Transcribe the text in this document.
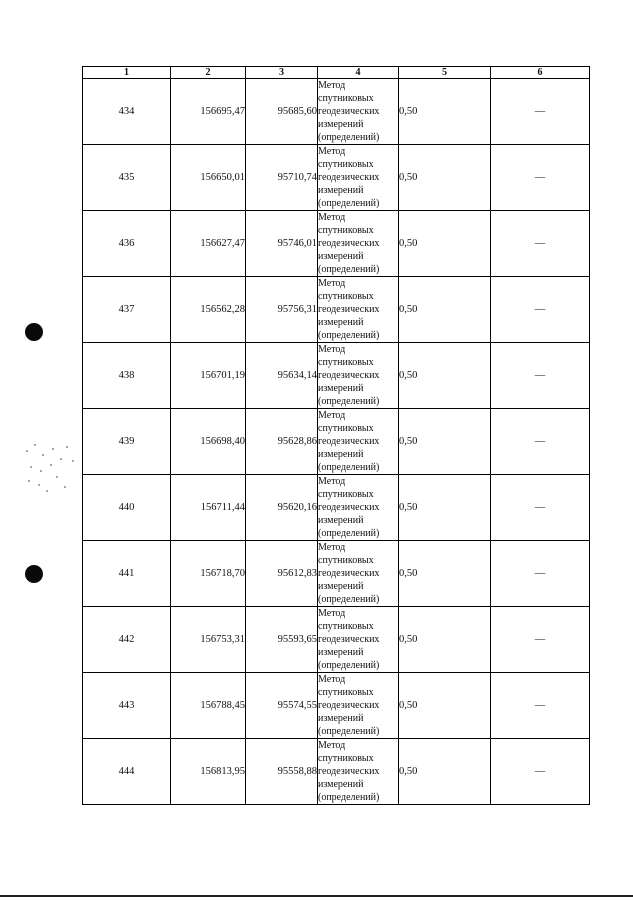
1	2	3	4	5	6
434	156695,47	95685,60	Метод
спутниковых
геодезических
измерений
(определений)	0,50	—
435	156650,01	95710,74	Метод
спутниковых
геодезических
измерений
(определений)	0,50	—
436	156627,47	95746,01	Метод
спутниковых
геодезических
измерений
(определений)	0,50	—
437	156562,28	95756,31	Метод
спутниковых
геодезических
измерений
(определений)	0,50	—
438	156701,19	95634,14	Метод
спутниковых
геодезических
измерений
(определений)	0,50	—
439	156698,40	95628,86	Метод
спутниковых
геодезических
измерений
(определений)	0,50	—
440	156711,44	95620,16	Метод
спутниковых
геодезических
измерений
(определений)	0,50	—
441	156718,70	95612,83	Метод
спутниковых
геодезических
измерений
(определений)	0,50	—
442	156753,31	95593,65	Метод
спутниковых
геодезических
измерений
(определений)	0,50	—
443	156788,45	95574,55	Метод
спутниковых
геодезических
измерений
(определений)	0,50	—
444	156813,95	95558,88	Метод
спутниковых
геодезических
измерений
(определений)	0,50	—
